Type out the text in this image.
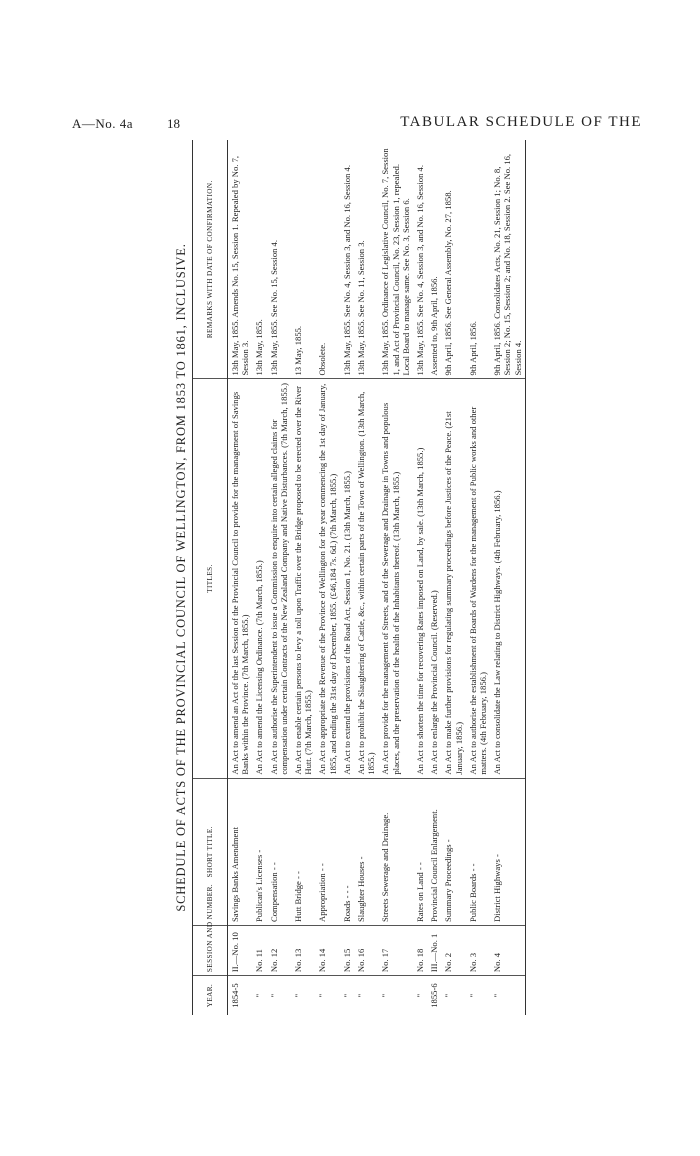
A—No. 4a	18	TABULAR SCHEDULE OF THE
SCHEDULE OF ACTS OF THE PROVINCIAL COUNCIL OF WELLINGTON, FROM 1853 TO 1861, INCLUSIVE.
YEAR.	SESSION AND NUMBER.	SHORT TITLE.	TITLES.	REMARKS WITH DATE OF CONFIRMATION.
1854-5	II.—No. 10	Savings Banks Amendment	An Act to amend an Act of the last Session of the Provincial Council to provide for the management of Savings Banks within the Province. (7th March, 1855.)	13th May, 1855. Amends No. 15, Session 1. Repealed by No. 7, Session 3.
"	No. 11	Publican's Licenses -	An Act to amend the Licensing Ordinance. (7th March, 1855.)	13th May, 1855.
"	No. 12	Compensation - -	An Act to authorise the Superintendent to issue a Commission to enquire into certain alleged claims for compensation under certain Contracts of the New Zealand Company and Native Disturbances. (7th March, 1855.)	13th May, 1855. See No. 15, Session 4.
"	No. 13	Hutt Bridge - -	An Act to enable certain persons to levy a toll upon Traffic over the Bridge proposed to be erected over the River Hutt. (7th March, 1855.)	13 May, 1855.
"	No. 14	Appropriation - -	An Act to appropriate the Revenue of the Province of Wellington for the year commencing the 1st day of January, 1855, and ending the 31st day of December, 1855. (£46,184 7s. 6d.) (7th March, 1855.)	Obsolete.
"	No. 15	Roads - - -	An Act to extend the provisions of the Road Act, Session 1, No. 21. (13th March, 1855.)	13th May, 1855. See No. 4, Session 3, and No. 16, Session 4.
"	No. 16	Slaughter Houses -	An Act to prohibit the Slaughtering of Cattle, &c., within certain parts of the Town of Wellington. (13th March, 1855.)	13th May, 1855. See No. 11, Session 3.
"	No. 17	Streets Sewerage and Drainage.	An Act to provide for the management of Streets, and of the Sewerage and Drainage in Towns and populous places, and the preservation of the health of the Inhabitants thereof. (13th March, 1855.)	13th May, 1855. Ordinance of Legislative Council, No. 7, Session 1, and Act of Provincial Council, No. 23, Session 1, repealed. Local Board to manage same. See No. 3, Session 6.
"	No. 18	Rates on Land - -	An Act to shorten the time for recovering Rates imposed on Land, by sale. (13th March, 1855.)	13th May, 1855. See No. 4, Session 3, and No. 16, Session 4.
1855-6	III.—No. 1	Provincial Council Enlargement.	An Act to enlarge the Provincial Council. (Reserved.)	Assented to, 9th April, 1856.
"	No. 2	Summary Proceedings -	An Act to make further provisions for regulating summary proceedings before Justices of the Peace. (21st January, 1856.)	9th April, 1856. See General Assembly, No. 27, 1858.
"	No. 3	Public Boards - -	An Act to authorise the establishment of Boards of Wardens for the management of Public works and other matters. (4th February, 1856.)	9th April, 1856.
"	No. 4	District Highways -	An Act to consolidate the Law relating to District Highways. (4th February, 1856.)	9th April, 1856. Consolidates Acts, No. 21, Session 1; No. 8, Session 2; No. 15, Session 2; and No. 18, Session 2. See No. 16, Session 4.
